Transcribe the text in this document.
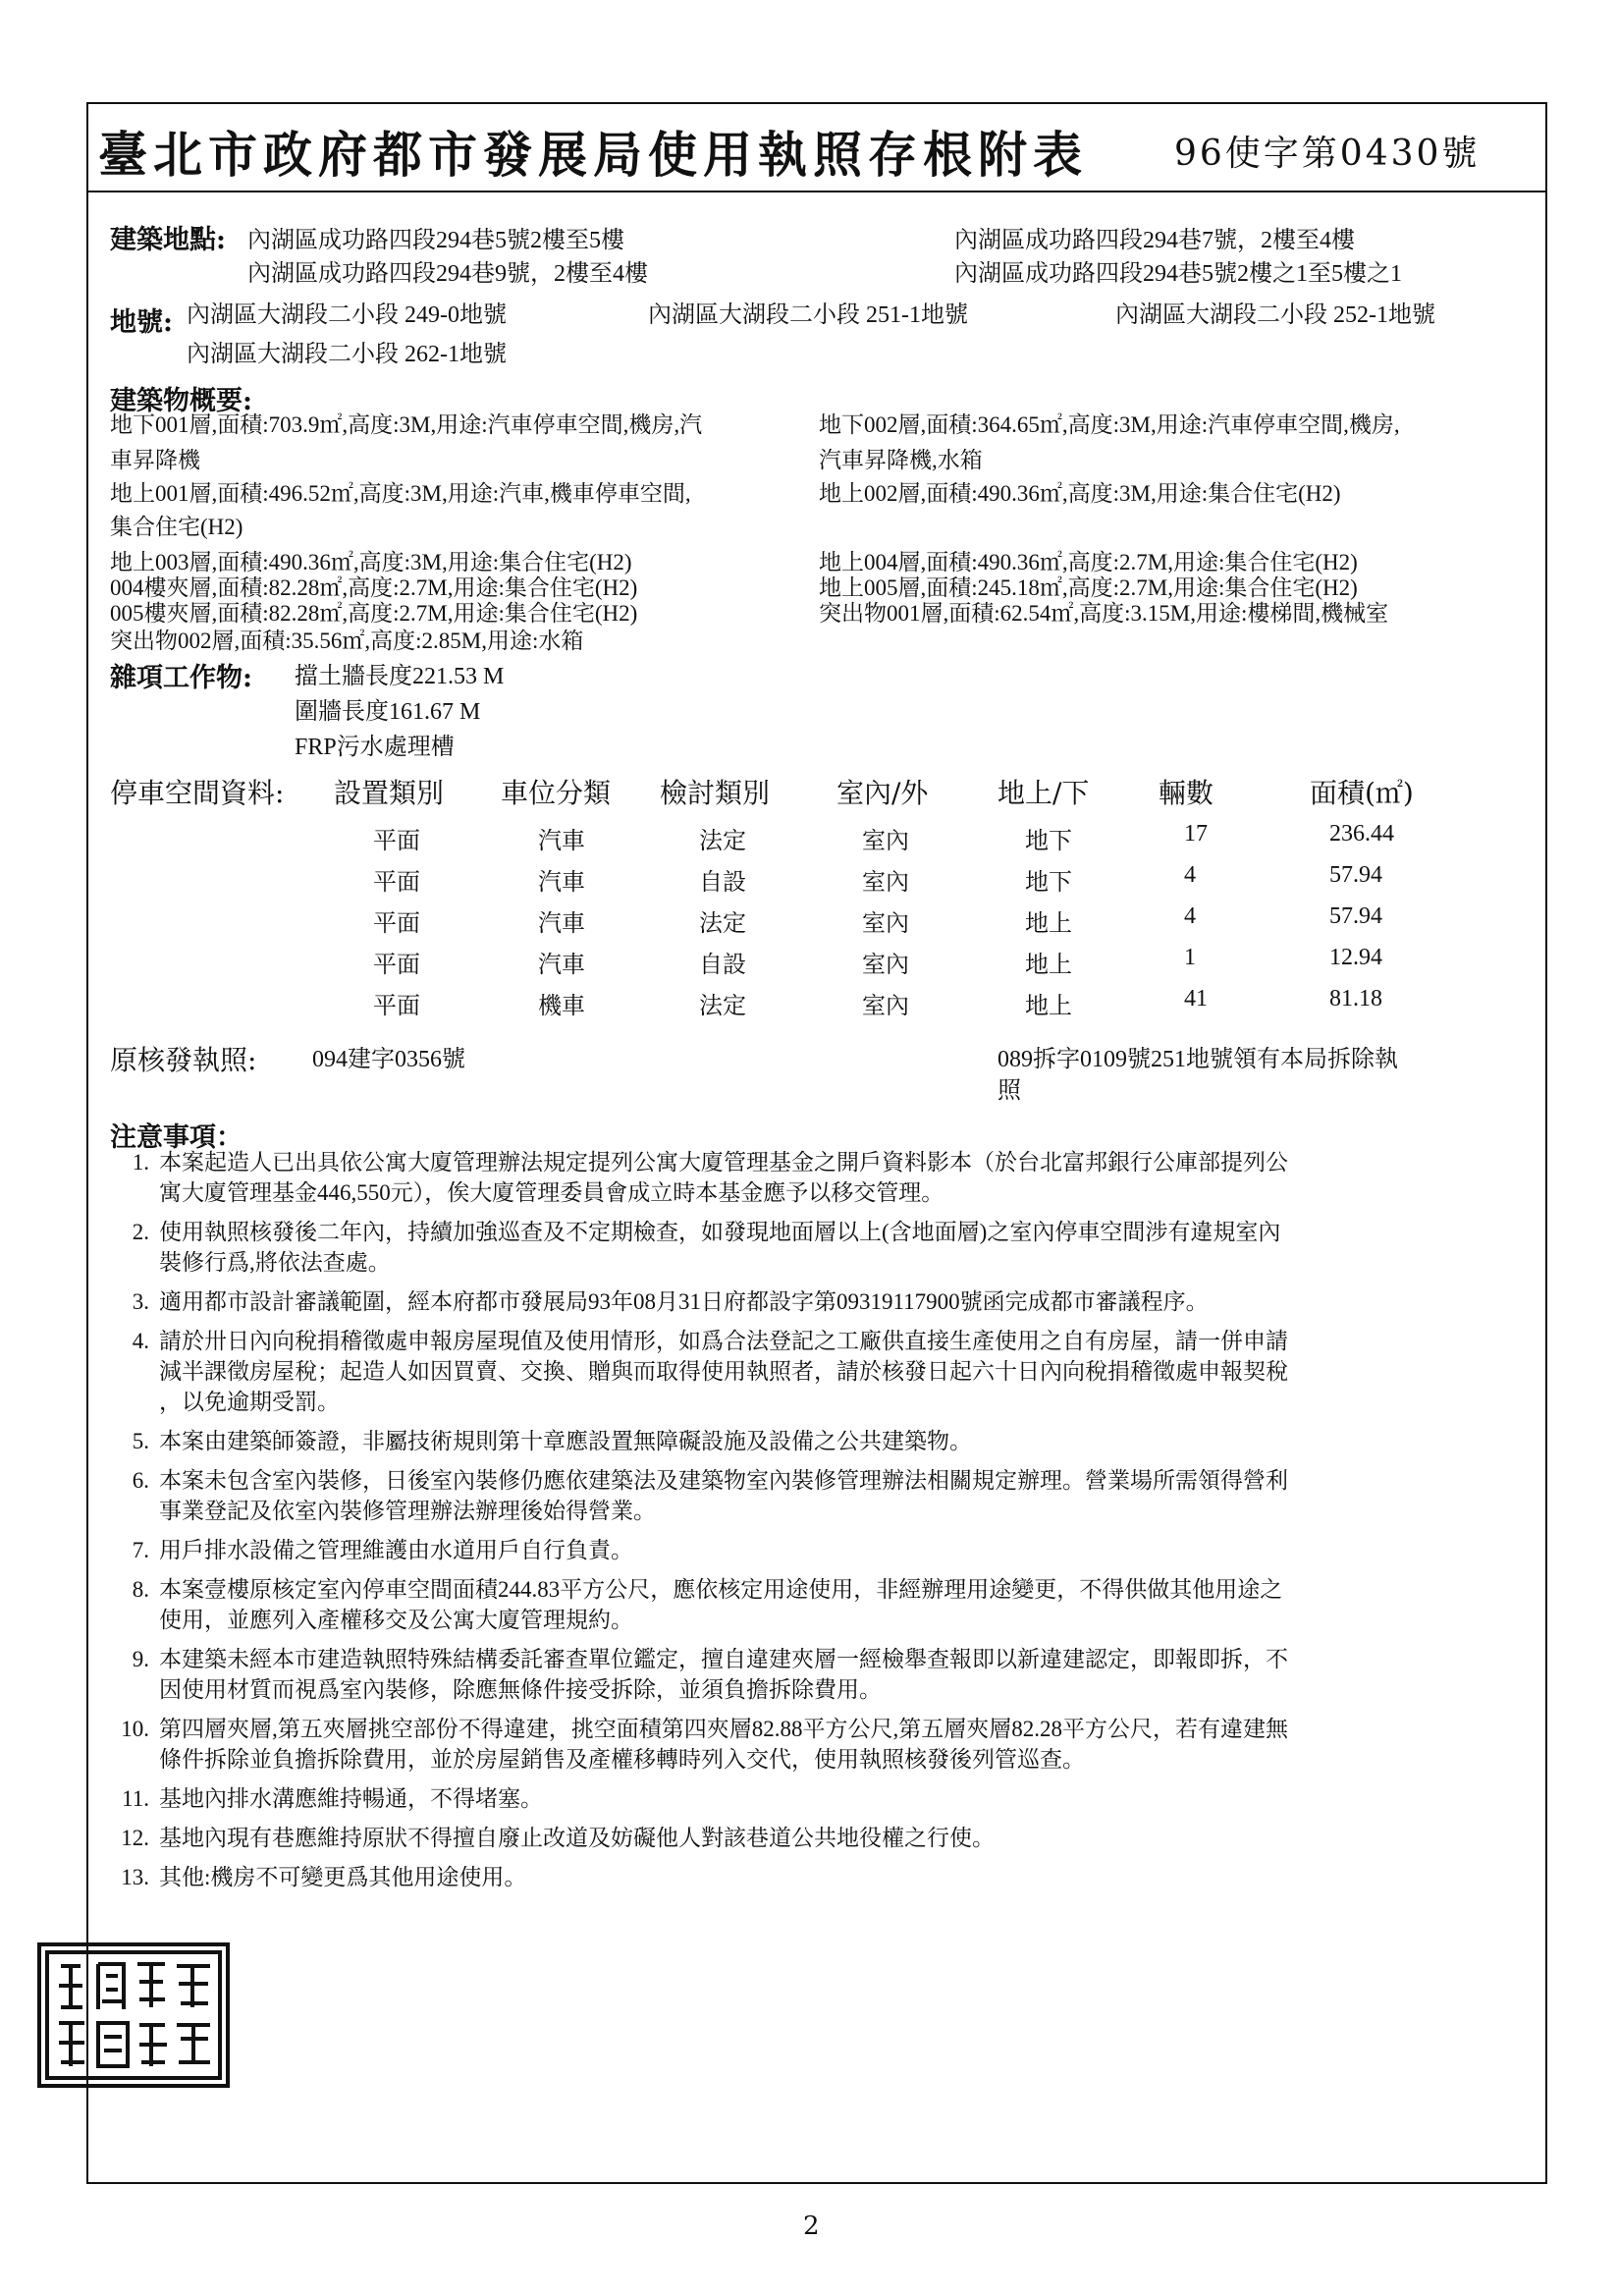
臺北市政府都市發展局使用執照存根附表 96使字第0430號
建築地點: 內湖區成功路四段294巷5號2樓至5樓	內湖區成功路四段294巷7號，2樓至4樓
內湖區成功路四段294巷9號，2樓至4樓	內湖區成功路四段294巷5號2樓之1至5樓之1
地號: 內湖區大湖段二小段 249-0地號	內湖區大湖段二小段 251-1地號	內湖區大湖段二小段 252-1地號
內湖區大湖段二小段 262-1地號
建築物概要:
地下001層,面積:703.9㎡,高度:3M,用途:汽車停車空間,機房,汽	地下002層,面積:364.65㎡,高度:3M,用途:汽車停車空間,機房,
車昇降機	汽車昇降機,水箱
地上001層,面積:496.52㎡,高度:3M,用途:汽車,機車停車空間,	地上002層,面積:490.36㎡,高度:3M,用途:集合住宅(H2)
集合住宅(H2)
地上003層,面積:490.36㎡,高度:3M,用途:集合住宅(H2)	地上004層,面積:490.36㎡,高度:2.7M,用途:集合住宅(H2)
004樓夾層,面積:82.28㎡,高度:2.7M,用途:集合住宅(H2)	地上005層,面積:245.18㎡,高度:2.7M,用途:集合住宅(H2)
005樓夾層,面積:82.28㎡,高度:2.7M,用途:集合住宅(H2)	突出物001層,面積:62.54㎡,高度:3.15M,用途:樓梯間,機械室
突出物002層,面積:35.56㎡,高度:2.85M,用途:水箱
雜項工作物: 擋土牆長度221.53 M
圍牆長度161.67 M
FRP污水處理槽
停車空間資料: 設置類別 車位分類 檢討類別 室內/外	地上/下	輛數	面積(㎡)
平面	汽車	法定	室內	地下	17	236.44
平面	汽車	自設	室內	地下	4	57.94
平面	汽車	法定	室內	地上	4	57.94
平面	汽車	自設	室內	地上	1	12.94
平面	機車	法定	室內	地上	41	81.18
原核發執照: 094建字0356號	089拆字0109號251地號領有本局拆除執
照
注意事項：
1. 本案起造人已出具依公寓大廈管理辦法規定提列公寓大廈管理基金之開戶資料影本（於台北富邦銀行公庫部提列公
寓大廈管理基金446,550元），俟大廈管理委員會成立時本基金應予以移交管理。
2. 使用執照核發後二年內，持續加強巡查及不定期檢查，如發現地面層以上(含地面層)之室內停車空間涉有違規室內
裝修行爲,將依法查處。
3. 適用都市設計審議範圍，經本府都市發展局93年08月31日府都設字第09319117900號函完成都市審議程序。
4. 請於卅日內向稅捐稽徵處申報房屋現值及使用情形，如爲合法登記之工廠供直接生產使用之自有房屋，請一併申請
減半課徵房屋稅；起造人如因買賣、交換、贈與而取得使用執照者，請於核發日起六十日內向稅捐稽徵處申報契稅
，以免逾期受罰。
5. 本案由建築師簽證，非屬技術規則第十章應設置無障礙設施及設備之公共建築物。
6. 本案未包含室內裝修，日後室內裝修仍應依建築法及建築物室內裝修管理辦法相關規定辦理。營業場所需領得營利
事業登記及依室內裝修管理辦法辦理後始得營業。
7. 用戶排水設備之管理維護由水道用戶自行負責。
8. 本案壹樓原核定室內停車空間面積244.83平方公尺，應依核定用途使用，非經辦理用途變更，不得供做其他用途之
使用，並應列入產權移交及公寓大廈管理規約。
9. 本建築未經本市建造執照特殊結構委託審查單位鑑定，擅自違建夾層一經檢舉查報即以新違建認定，即報即拆，不
因使用材質而視爲室內裝修，除應無條件接受拆除，並須負擔拆除費用。
10. 第四層夾層,第五夾層挑空部份不得違建，挑空面積第四夾層82.88平方公尺,第五層夾層82.28平方公尺，若有違建無
條件拆除並負擔拆除費用，並於房屋銷售及產權移轉時列入交代，使用執照核發後列管巡查。
11. 基地內排水溝應維持暢通，不得堵塞。
12. 基地內現有巷應維持原狀不得擅自廢止改道及妨礙他人對該巷道公共地役權之行使。
13. 其他:機房不可變更爲其他用途使用。
2
